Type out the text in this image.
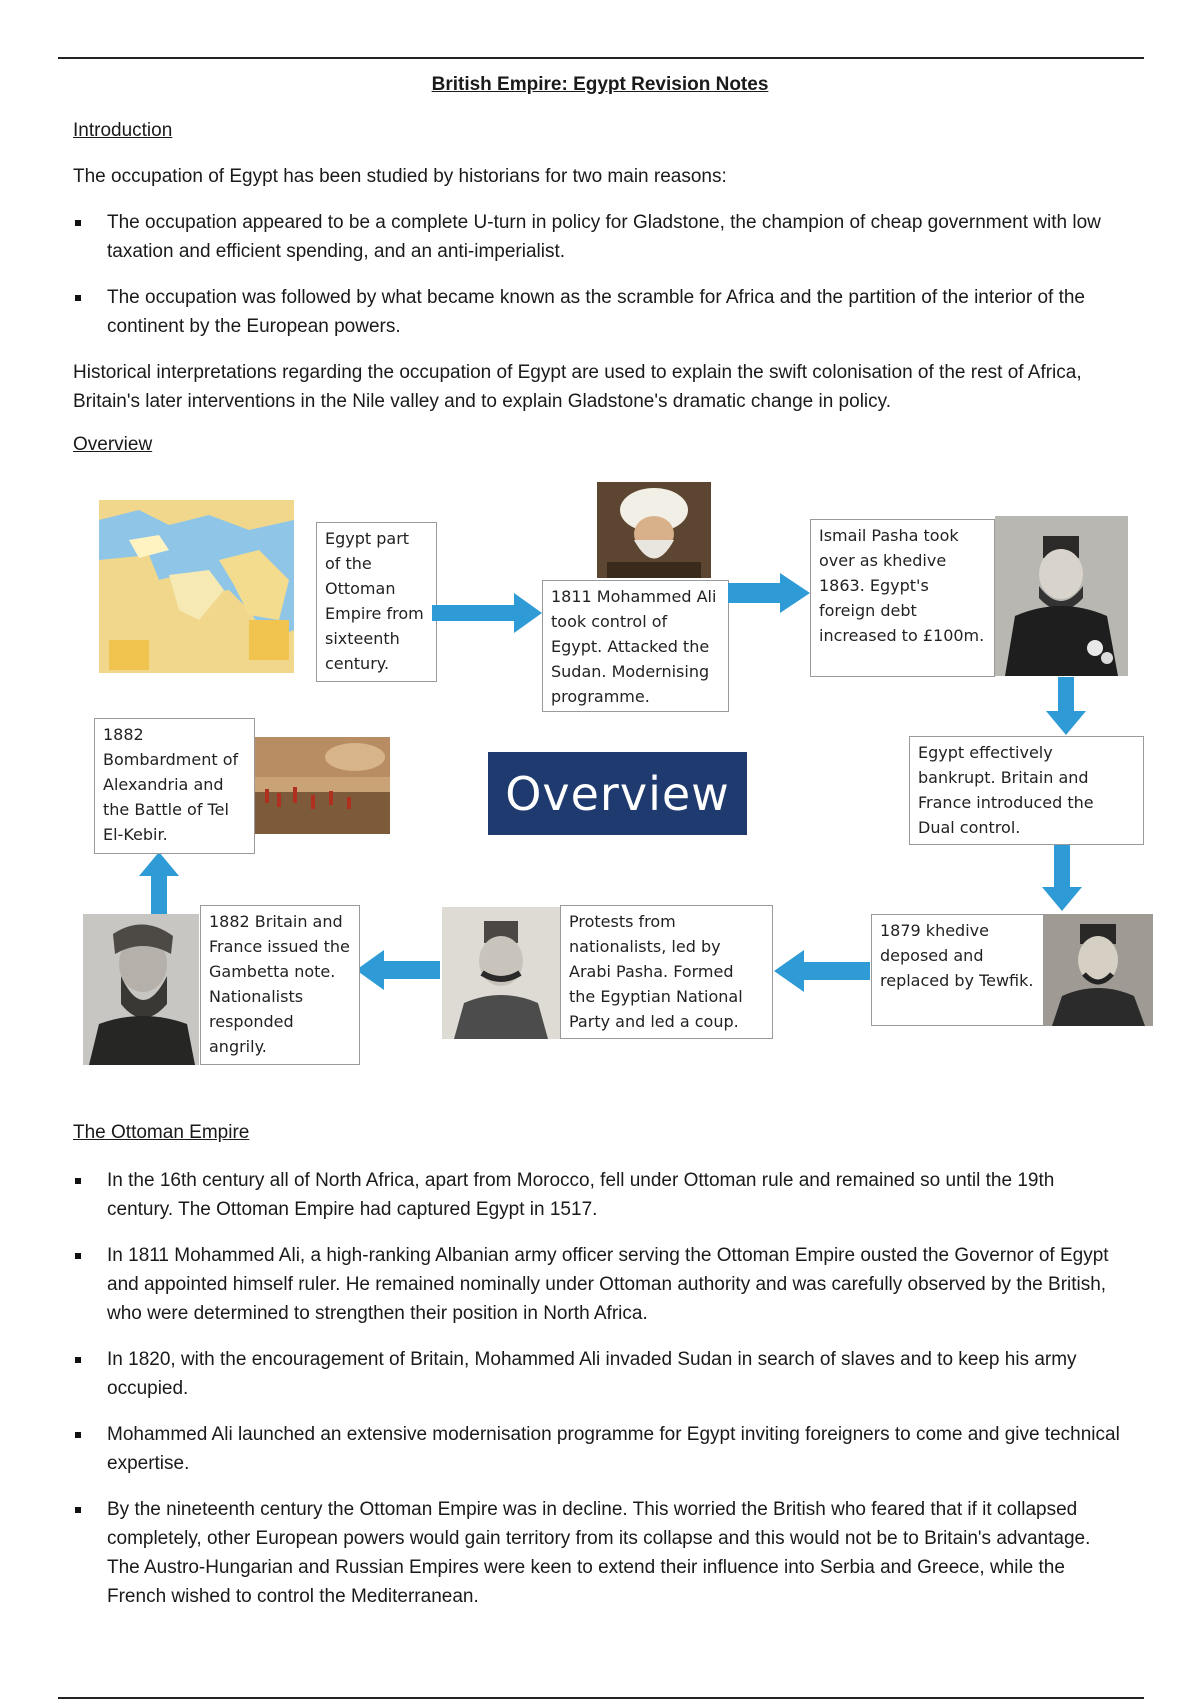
British Empire: Egypt Revision Notes
Introduction
The occupation of Egypt has been studied by historians for two main reasons:
The occupation appeared to be a complete U-turn in policy for Gladstone, the champion of cheap government with low taxation and efficient spending, and an anti-imperialist.
The occupation was followed by what became known as the scramble for Africa and the partition of the interior of the continent by the European powers.
Historical interpretations regarding the occupation of Egypt are used to explain the swift colonisation of the rest of Africa, Britain's later interventions in the Nile valley and to explain Gladstone's dramatic change in policy.
Overview
Egypt part of the Ottoman Empire from sixteenth century.
1811 Mohammed Ali took control of Egypt. Attacked the Sudan. Modernising programme.
Ismail Pasha took over as khedive 1863. Egypt's foreign debt increased to £100m.
Egypt effectively bankrupt. Britain and France introduced the Dual control.
Overview
1879 khedive deposed and replaced by Tewfik.
Protests from nationalists, led by Arabi Pasha. Formed the Egyptian National Party and led a coup.
1882 Britain and France issued the Gambetta note. Nationalists responded angrily.
1882 Bombardment of Alexandria and the Battle of Tel El-Kebir.
The Ottoman Empire
In the 16th century all of North Africa, apart from Morocco, fell under Ottoman rule and remained so until the 19th century. The Ottoman Empire had captured Egypt in 1517.
In 1811 Mohammed Ali, a high-ranking Albanian army officer serving the Ottoman Empire ousted the Governor of Egypt and appointed himself ruler. He remained nominally under Ottoman authority and was carefully observed by the British, who were determined to strengthen their position in North Africa.
In 1820, with the encouragement of Britain, Mohammed Ali invaded Sudan in search of slaves and to keep his army occupied.
Mohammed Ali launched an extensive modernisation programme for Egypt inviting foreigners to come and give technical expertise.
By the nineteenth century the Ottoman Empire was in decline. This worried the British who feared that if it collapsed completely, other European powers would gain territory from its collapse and this would not be to Britain's advantage. The Austro-Hungarian and Russian Empires were keen to extend their influence into Serbia and Greece, while the French wished to control the Mediterranean.
